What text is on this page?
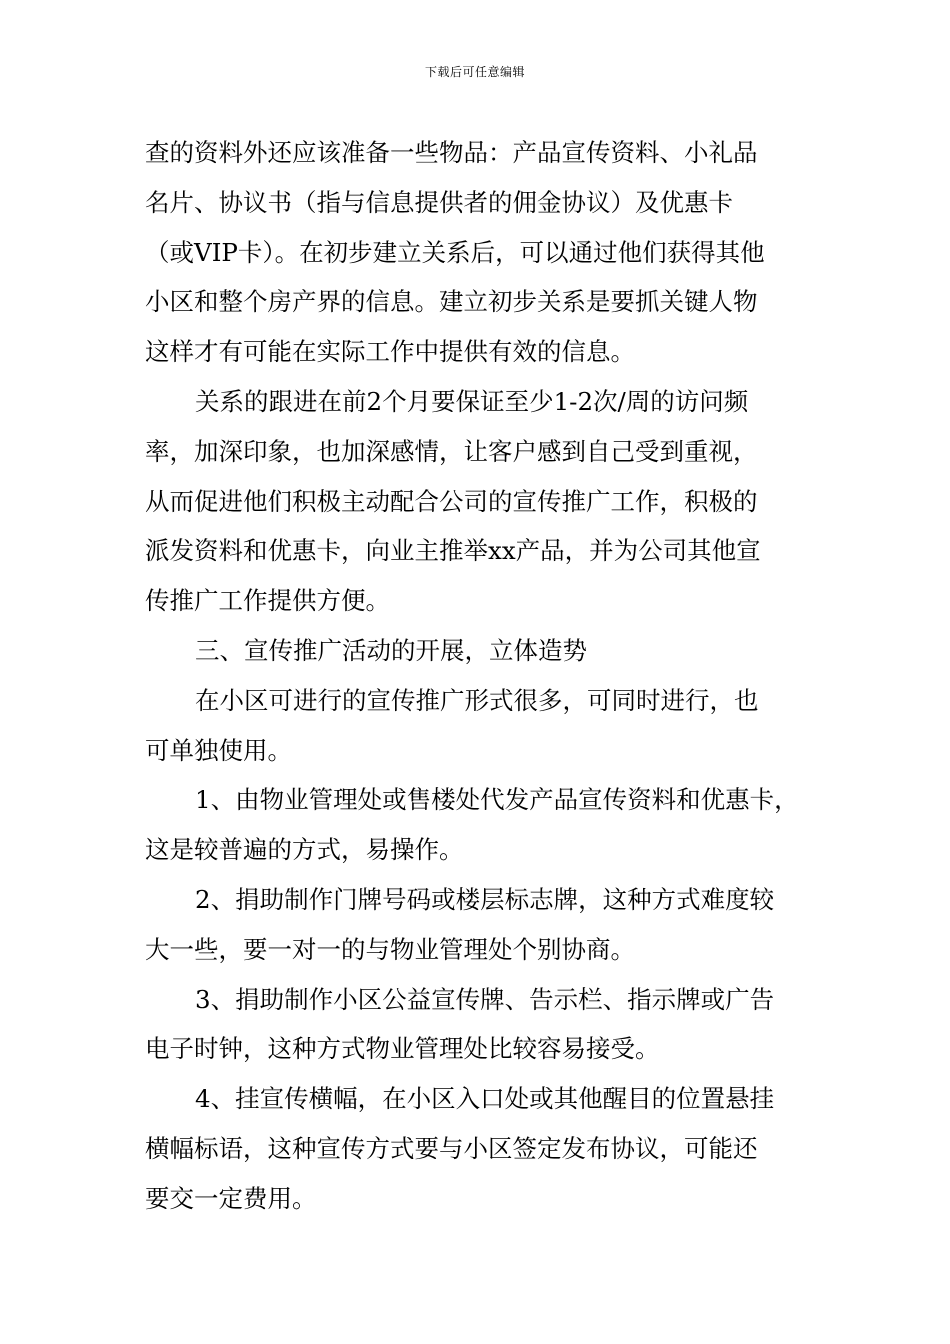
下载后可任意编辑
查的资料外还应该准备一些物品：产品宣传资料、小礼品
名片、协议书（指与信息提供者的佣金协议）及优惠卡
（或VIP卡）。在初步建立关系后，可以通过他们获得其他
小区和整个房产界的信息。建立初步关系是要抓关键人物
这样才有可能在实际工作中提供有效的信息。
关系的跟进在前2个月要保证至少1-2次/周的访问频
率，加深印象，也加深感情，让客户感到自己受到重视，
从而促进他们积极主动配合公司的宣传推广工作，积极的
派发资料和优惠卡，向业主推举xx产品，并为公司其他宣
传推广工作提供方便。
三、宣传推广活动的开展，立体造势
在小区可进行的宣传推广形式很多，可同时进行，也
可单独使用。
1、由物业管理处或售楼处代发产品宣传资料和优惠卡，
这是较普遍的方式，易操作。
2、捐助制作门牌号码或楼层标志牌，这种方式难度较
大一些，要一对一的与物业管理处个别协商。
3、捐助制作小区公益宣传牌、告示栏、指示牌或广告
电子时钟，这种方式物业管理处比较容易接受。
4、挂宣传横幅，在小区入口处或其他醒目的位置悬挂
横幅标语，这种宣传方式要与小区签定发布协议，可能还
要交一定费用。
